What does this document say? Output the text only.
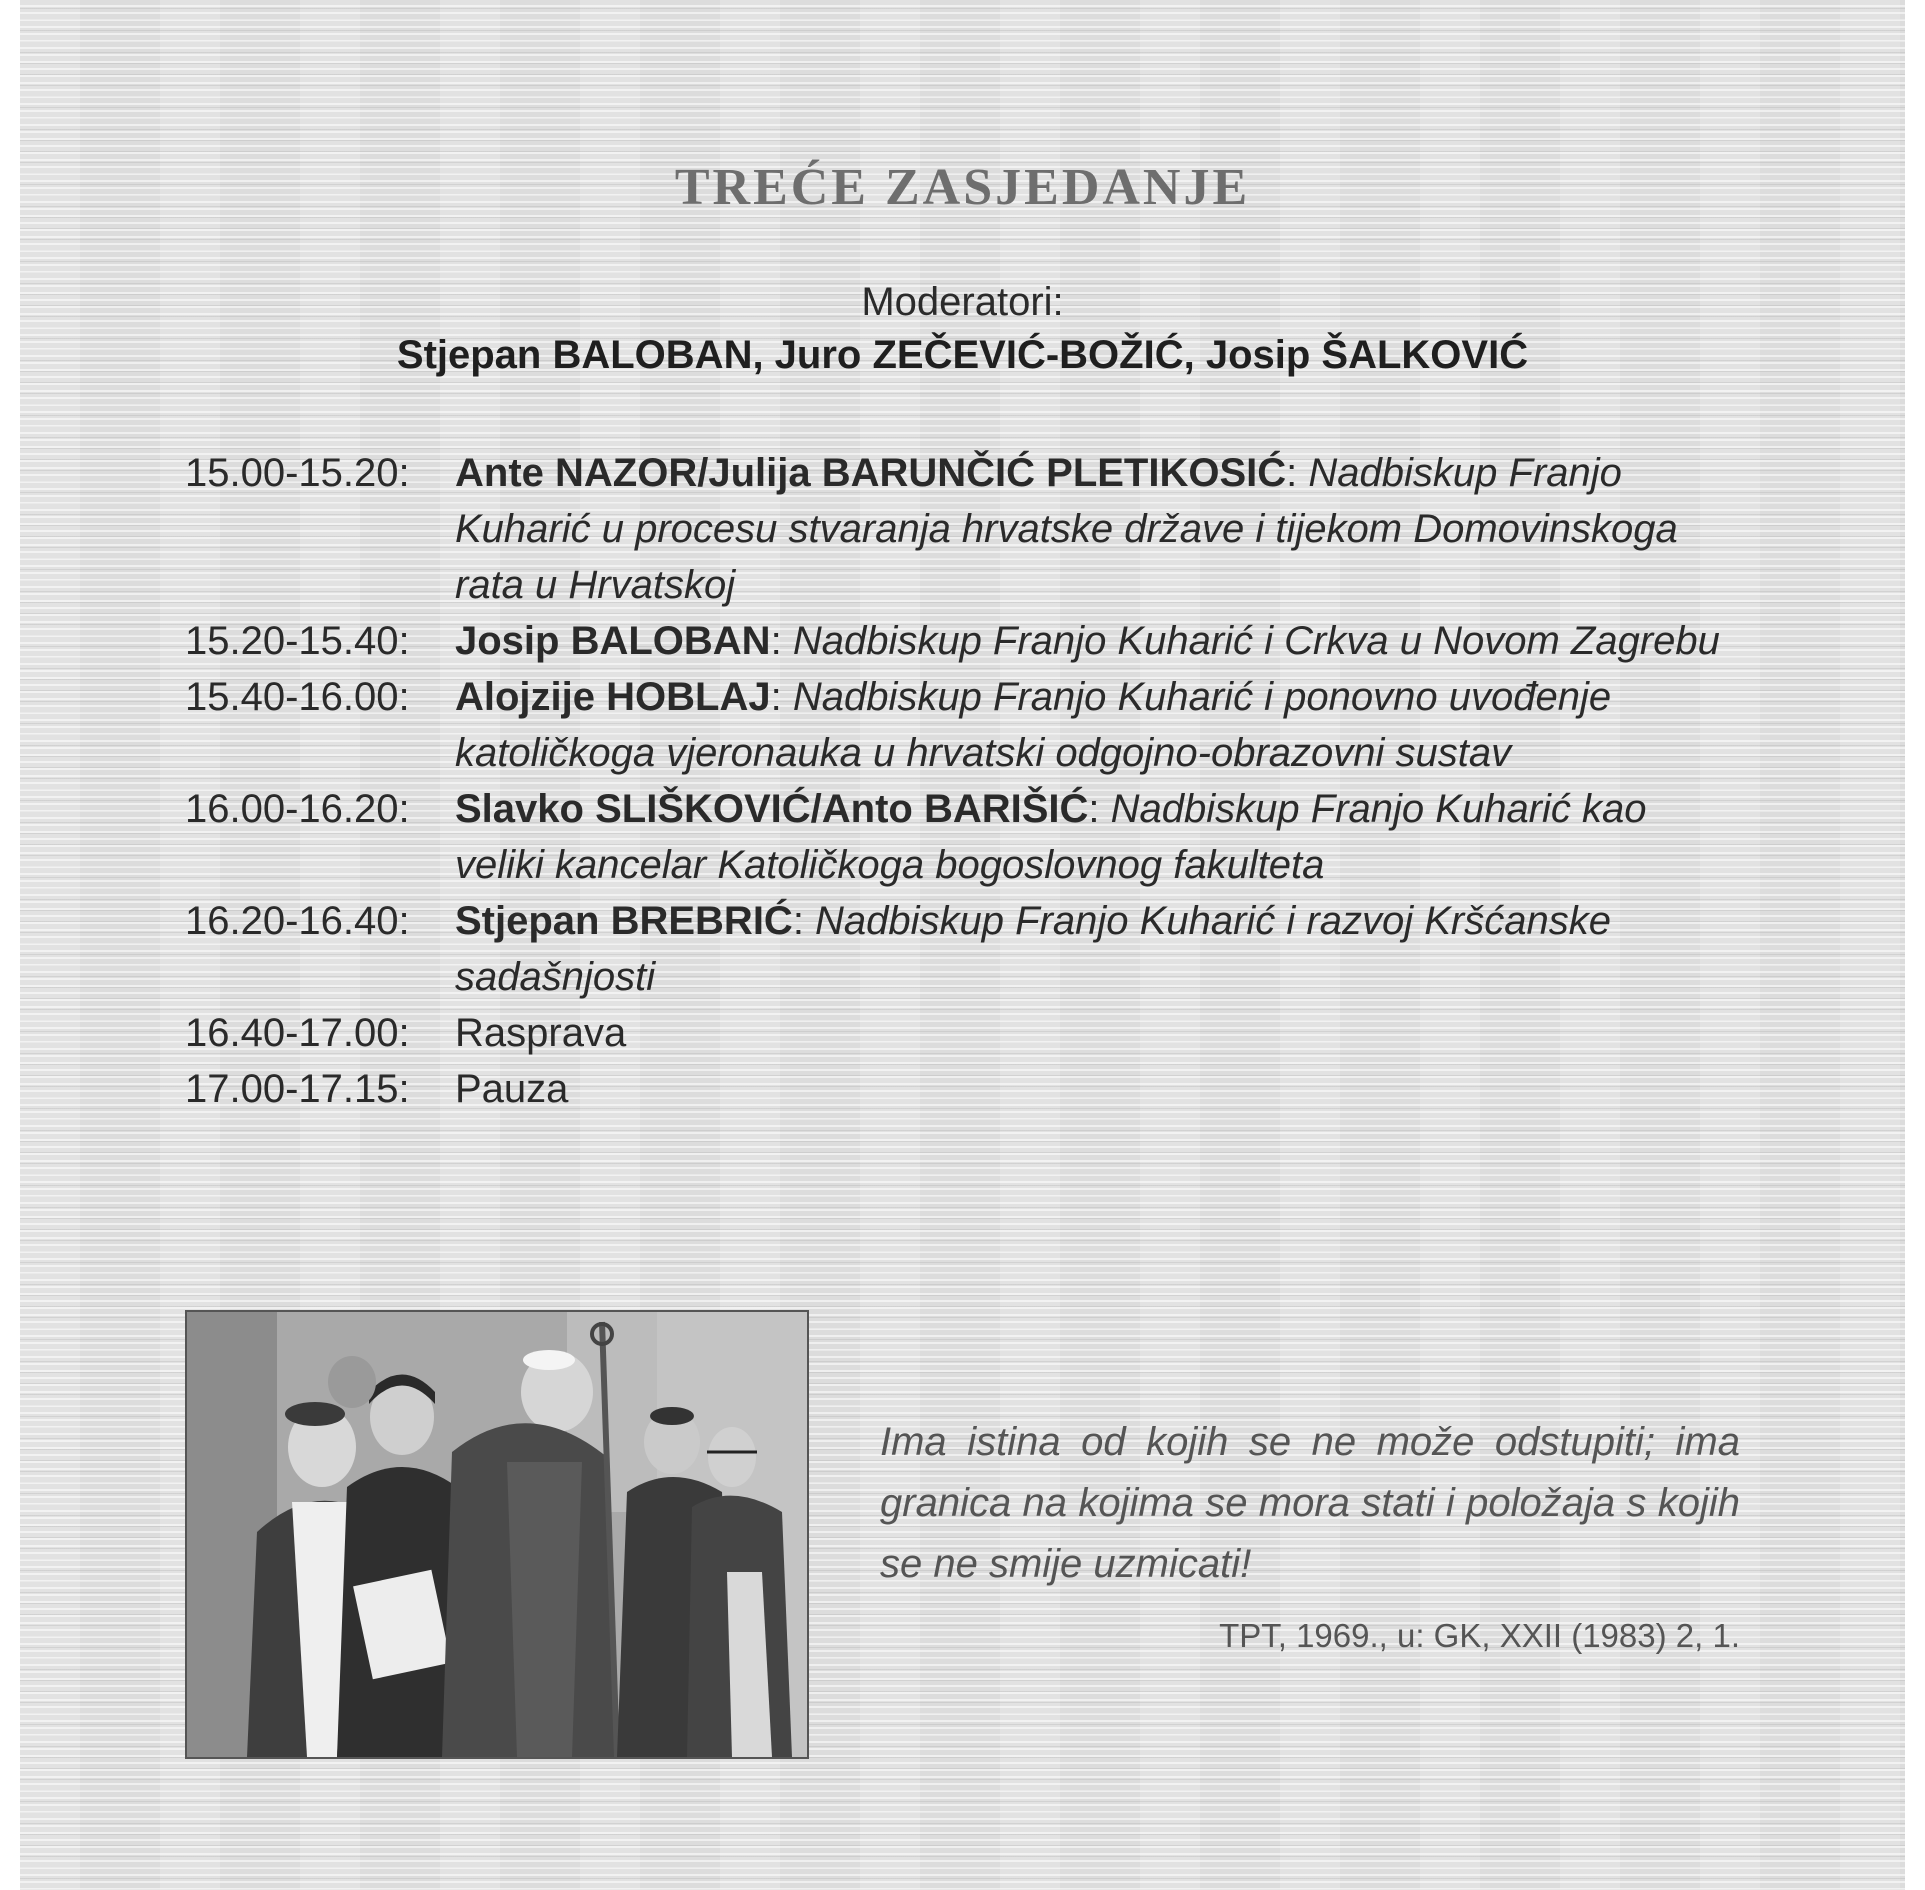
TREĆE ZASJEDANJE
Moderatori:
Stjepan BALOBAN, Juro ZEČEVIĆ-BOŽIĆ, Josip ŠALKOVIĆ
15.00-15.20:	Ante NAZOR/Julija BARUNČIĆ PLETIKOSIĆ: Nadbiskup Franjo Kuharić u procesu stvaranja hrvatske države i tijekom Domovinskoga rata u Hrvatskoj
15.20-15.40:	Josip BALOBAN: Nadbiskup Franjo Kuharić i Crkva u Novom Zagrebu
15.40-16.00:	Alojzije HOBLAJ: Nadbiskup Franjo Kuharić i ponovno uvođenje katoličkoga vjeronauka u hrvatski odgojno-obrazovni sustav
16.00-16.20:	Slavko SLIŠKOVIĆ/Anto BARIŠIĆ: Nadbiskup Franjo Kuharić kao veliki kancelar Katoličkoga bogoslovnog fakulteta
16.20-16.40:	Stjepan BREBRIĆ: Nadbiskup Franjo Kuharić i razvoj Kršćanske sadašnjosti
16.40-17.00:	Rasprava
17.00-17.15:	Pauza
Ima istina od kojih se ne može odstupiti; ima granica na kojima se mora stati i položaja s kojih se ne smije uzmicati!
TPT, 1969., u: GK, XXII (1983) 2, 1.
